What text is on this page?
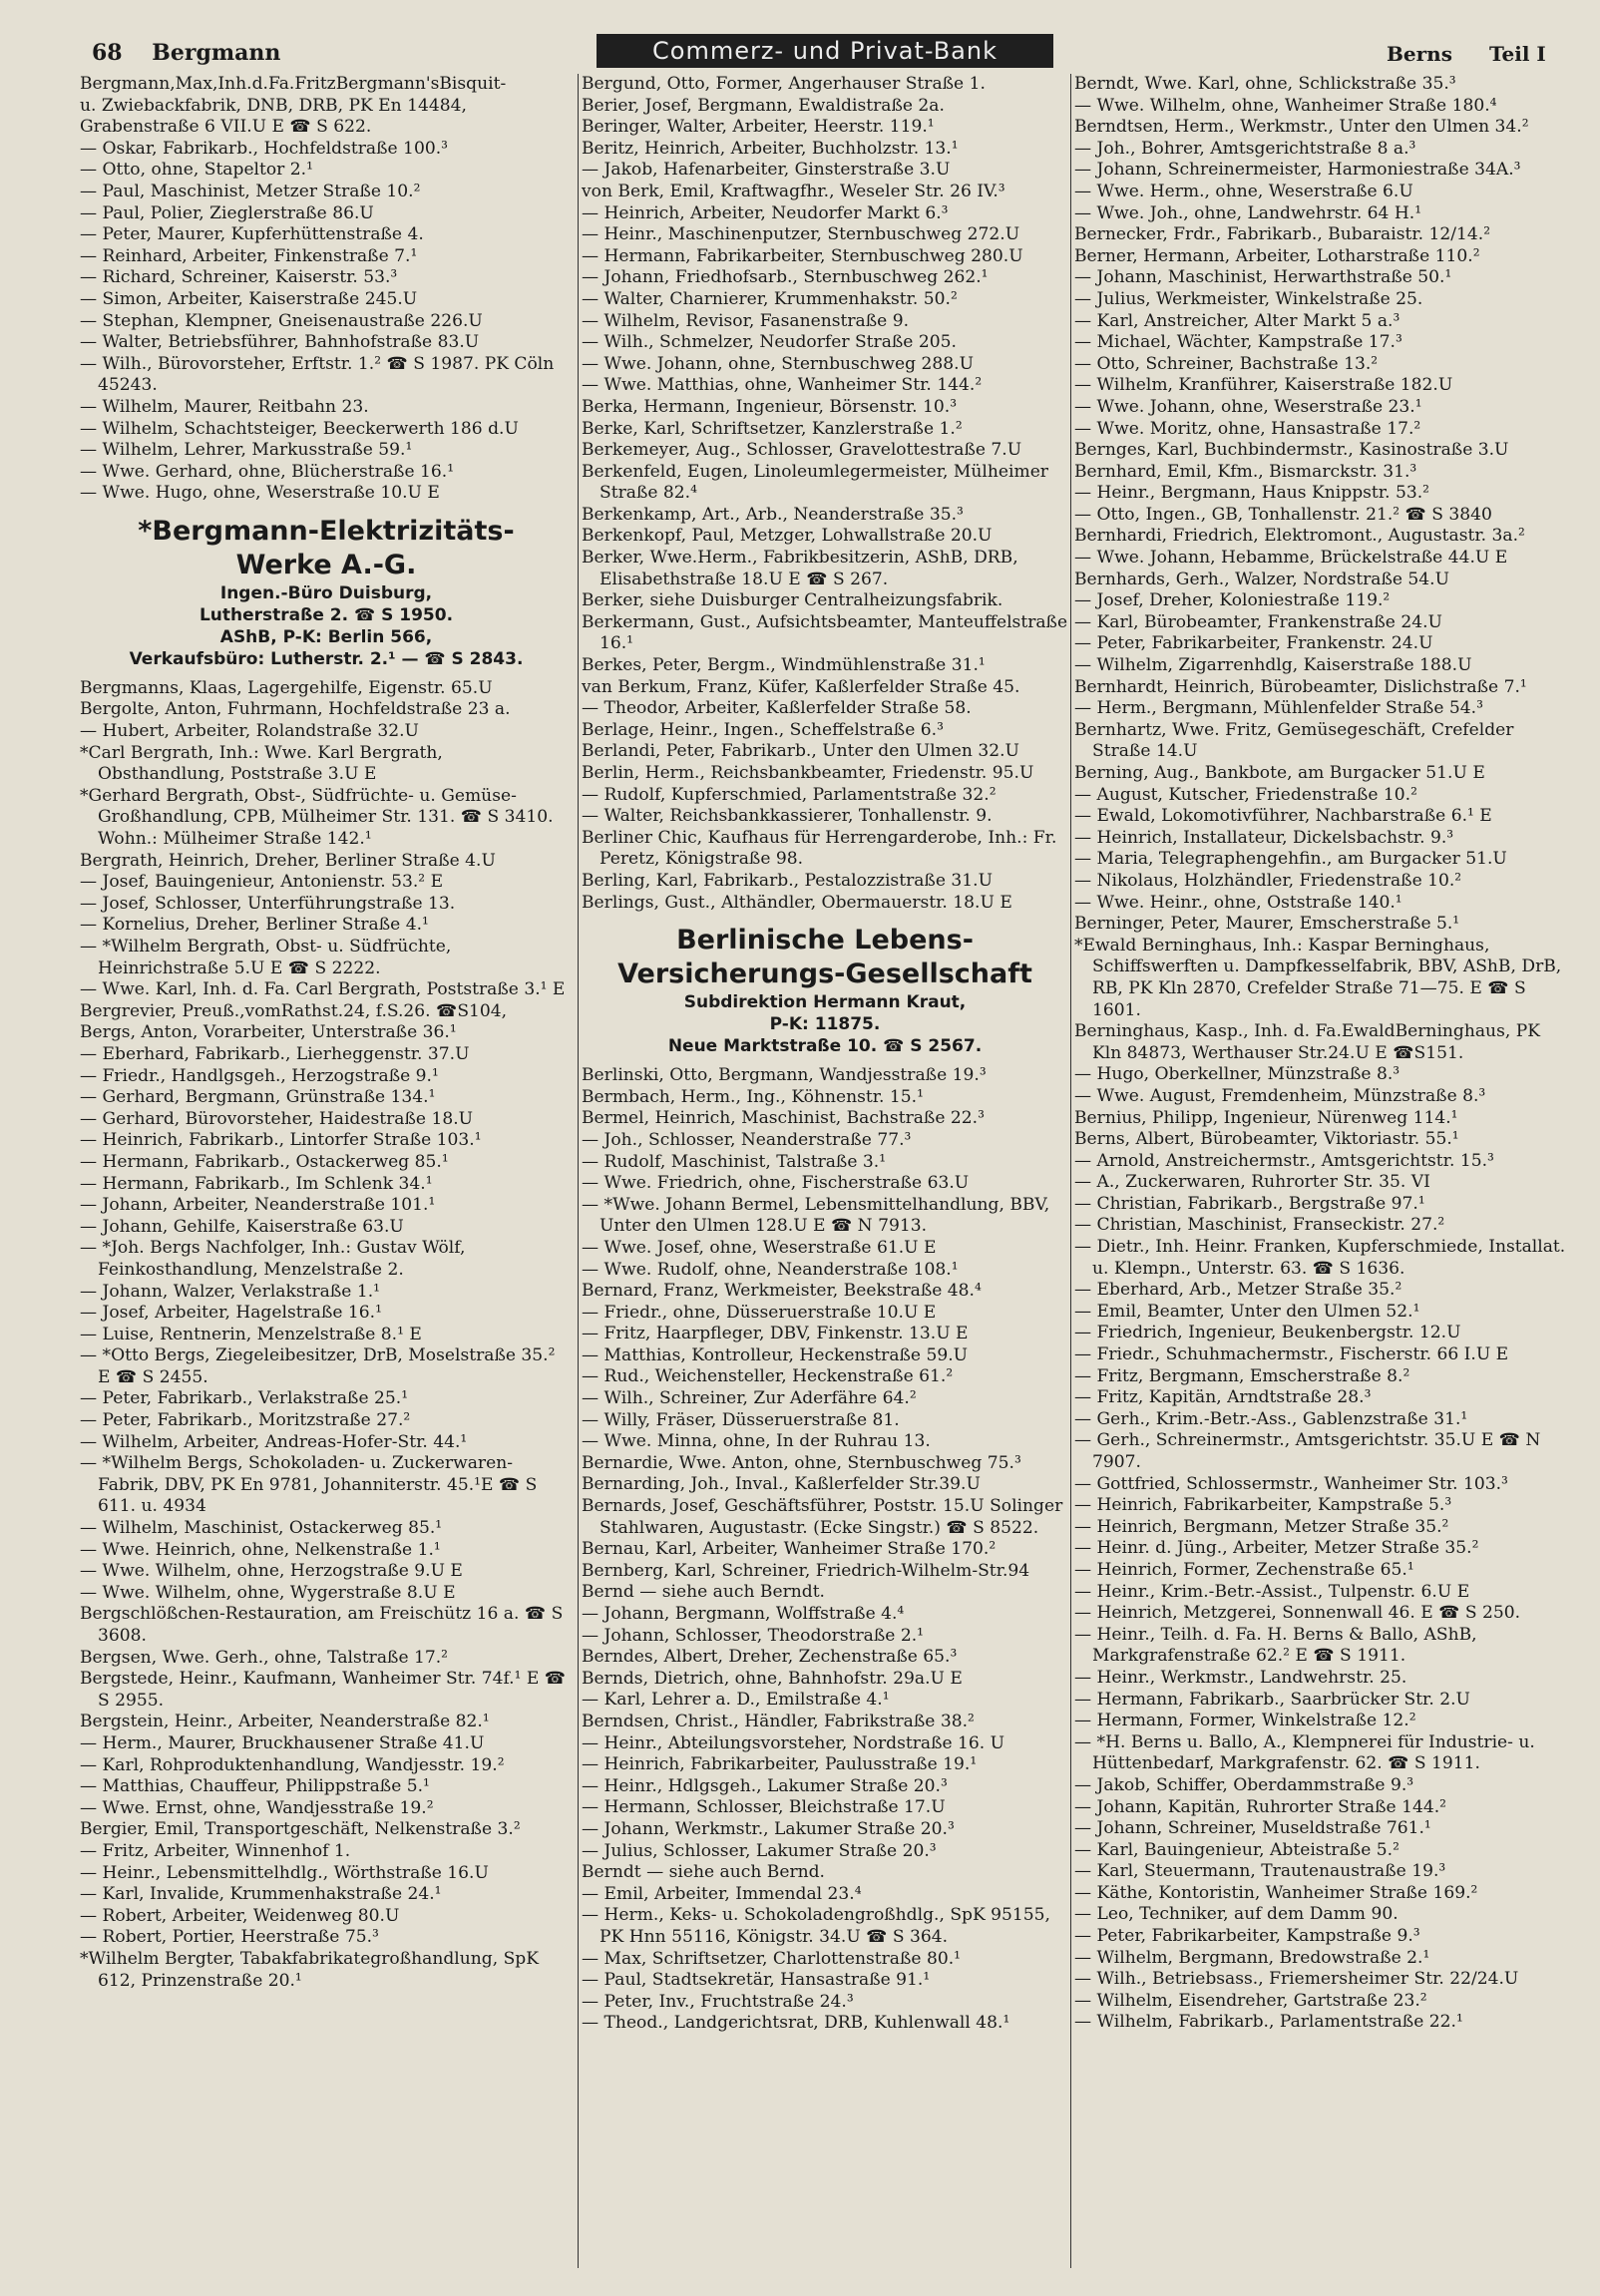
68 Bergmann	Commerz- und Privat-Bank	Berns Teil I
Bergmann,Max,Inh.d.Fa.FritzBergmann'sBisquit-
u. Zwiebackfabrik, DNB, DRB, PK En 14484,
Grabenstraße 6 VII.U E ☎ S 622.
— Oskar, Fabrikarb., Hochfeldstraße 100.³
— Otto, ohne, Stapeltor 2.¹
— Paul, Maschinist, Metzer Straße 10.²
— Paul, Polier, Zieglerstraße 86.U
— Peter, Maurer, Kupferhüttenstraße 4.
— Reinhard, Arbeiter, Finkenstraße 7.¹
— Richard, Schreiner, Kaiserstr. 53.³
— Simon, Arbeiter, Kaiserstraße 245.U
— Stephan, Klempner, Gneisenaustraße 226.U
— Walter, Betriebsführer, Bahnhofstraße 83.U
— Wilh., Bürovorsteher, Erftstr. 1.² ☎ S 1987. PK Cöln 45243.
— Wilhelm, Maurer, Reitbahn 23.
— Wilhelm, Schachtsteiger, Beeckerwerth 186 d.U
— Wilhelm, Lehrer, Markusstraße 59.¹
— Wwe. Gerhard, ohne, Blücherstraße 16.¹
— Wwe. Hugo, ohne, Weserstraße 10.U E
*Bergmann-Elektrizitäts-
Werke A.-G.
Ingen.-Büro Duisburg,
Lutherstraße 2. ☎ S 1950.
AShB, P-K: Berlin 566,
Verkaufsbüro: Lutherstr. 2.¹ — ☎ S 2843.
Bergmanns, Klaas, Lagergehilfe, Eigenstr. 65.U
Bergolte, Anton, Fuhrmann, Hochfeldstraße 23 a.
— Hubert, Arbeiter, Rolandstraße 32.U
*Carl Bergrath, Inh.: Wwe. Karl Bergrath, Obsthandlung, Poststraße 3.U E
*Gerhard Bergrath, Obst-, Südfrüchte- u. Gemüse-Großhandlung, CPB, Mülheimer Str. 131. ☎ S 3410. Wohn.: Mülheimer Straße 142.¹
Bergrath, Heinrich, Dreher, Berliner Straße 4.U
— Josef, Bauingenieur, Antonienstr. 53.² E
— Josef, Schlosser, Unterführungstraße 13.
— Kornelius, Dreher, Berliner Straße 4.¹
— *Wilhelm Bergrath, Obst- u. Südfrüchte, Heinrichstraße 5.U E ☎ S 2222.
— Wwe. Karl, Inh. d. Fa. Carl Bergrath, Poststraße 3.¹ E
Bergrevier, Preuß.,vomRathst.24, f.S.26. ☎S104,
Bergs, Anton, Vorarbeiter, Unterstraße 36.¹
— Eberhard, Fabrikarb., Lierheggenstr. 37.U
— Friedr., Handlgsgeh., Herzogstraße 9.¹
— Gerhard, Bergmann, Grünstraße 134.¹
— Gerhard, Bürovorsteher, Haidestraße 18.U
— Heinrich, Fabrikarb., Lintorfer Straße 103.¹
— Hermann, Fabrikarb., Ostackerweg 85.¹
— Hermann, Fabrikarb., Im Schlenk 34.¹
— Johann, Arbeiter, Neanderstraße 101.¹
— Johann, Gehilfe, Kaiserstraße 63.U
— *Joh. Bergs Nachfolger, Inh.: Gustav Wölf, Feinkosthandlung, Menzelstraße 2.
— Johann, Walzer, Verlakstraße 1.¹
— Josef, Arbeiter, Hagelstraße 16.¹
— Luise, Rentnerin, Menzelstraße 8.¹ E
— *Otto Bergs, Ziegeleibesitzer, DrB, Moselstraße 35.² E ☎ S 2455.
— Peter, Fabrikarb., Verlakstraße 25.¹
— Peter, Fabrikarb., Moritzstraße 27.²
— Wilhelm, Arbeiter, Andreas-Hofer-Str. 44.¹
— *Wilhelm Bergs, Schokoladen- u. Zuckerwaren-Fabrik, DBV, PK En 9781, Johanniterstr. 45.¹E ☎ S 611. u. 4934
— Wilhelm, Maschinist, Ostackerweg 85.¹
— Wwe. Heinrich, ohne, Nelkenstraße 1.¹
— Wwe. Wilhelm, ohne, Herzogstraße 9.U E
— Wwe. Wilhelm, ohne, Wygerstraße 8.U E
Bergschlößchen-Restauration, am Freischütz 16 a. ☎ S 3608.
Bergsen, Wwe. Gerh., ohne, Talstraße 17.²
Bergstede, Heinr., Kaufmann, Wanheimer Str. 74f.¹ E ☎ S 2955.
Bergstein, Heinr., Arbeiter, Neanderstraße 82.¹
— Herm., Maurer, Bruckhausener Straße 41.U
— Karl, Rohproduktenhandlung, Wandjesstr. 19.²
— Matthias, Chauffeur, Philippstraße 5.¹
— Wwe. Ernst, ohne, Wandjesstraße 19.²
Bergier, Emil, Transportgeschäft, Nelkenstraße 3.²
— Fritz, Arbeiter, Winnenhof 1.
— Heinr., Lebensmittelhdlg., Wörthstraße 16.U
— Karl, Invalide, Krummenhakstraße 24.¹
— Robert, Arbeiter, Weidenweg 80.U
— Robert, Portier, Heerstraße 75.³
*Wilhelm Bergter, Tabakfabrikategroßhandlung, SpK 612, Prinzenstraße 20.¹
Bergund, Otto, Former, Angerhauser Straße 1.
Berier, Josef, Bergmann, Ewaldistraße 2a.
Beringer, Walter, Arbeiter, Heerstr. 119.¹
Beritz, Heinrich, Arbeiter, Buchholzstr. 13.¹
— Jakob, Hafenarbeiter, Ginsterstraße 3.U
von Berk, Emil, Kraftwagfhr., Weseler Str. 26 IV.³
— Heinrich, Arbeiter, Neudorfer Markt 6.³
— Heinr., Maschinenputzer, Sternbuschweg 272.U
— Hermann, Fabrikarbeiter, Sternbuschweg 280.U
— Johann, Friedhofsarb., Sternbuschweg 262.¹
— Walter, Charnierer, Krummenhakstr. 50.²
— Wilhelm, Revisor, Fasanenstraße 9.
— Wilh., Schmelzer, Neudorfer Straße 205.
— Wwe. Johann, ohne, Sternbuschweg 288.U
— Wwe. Matthias, ohne, Wanheimer Str. 144.²
Berka, Hermann, Ingenieur, Börsenstr. 10.³
Berke, Karl, Schriftsetzer, Kanzlerstraße 1.²
Berkemeyer, Aug., Schlosser, Gravelottestraße 7.U
Berkenfeld, Eugen, Linoleumlegermeister, Mülheimer Straße 82.⁴
Berkenkamp, Art., Arb., Neanderstraße 35.³
Berkenkopf, Paul, Metzger, Lohwallstraße 20.U
Berker, Wwe.Herm., Fabrikbesitzerin, AShB, DRB, Elisabethstraße 18.U E ☎ S 267.
Berker, siehe Duisburger Centralheizungsfabrik.
Berkermann, Gust., Aufsichtsbeamter, Manteuffelstraße 16.¹
Berkes, Peter, Bergm., Windmühlenstraße 31.¹
van Berkum, Franz, Küfer, Kaßlerfelder Straße 45.
— Theodor, Arbeiter, Kaßlerfelder Straße 58.
Berlage, Heinr., Ingen., Scheffelstraße 6.³
Berlandi, Peter, Fabrikarb., Unter den Ulmen 32.U
Berlin, Herm., Reichsbankbeamter, Friedenstr. 95.U
— Rudolf, Kupferschmied, Parlamentstraße 32.²
— Walter, Reichsbankkassierer, Tonhallenstr. 9.
Berliner Chic, Kaufhaus für Herrengarderobe, Inh.: Fr. Peretz, Königstraße 98.
Berling, Karl, Fabrikarb., Pestalozzistraße 31.U
Berlings, Gust., Althändler, Obermauerstr. 18.U E
Berlinische Lebens-
Versicherungs-Gesellschaft
Subdirektion Hermann Kraut,
P-K: 11875.
Neue Marktstraße 10. ☎ S 2567.
Berlinski, Otto, Bergmann, Wandjesstraße 19.³
Bermbach, Herm., Ing., Köhnenstr. 15.¹
Bermel, Heinrich, Maschinist, Bachstraße 22.³
— Joh., Schlosser, Neanderstraße 77.³
— Rudolf, Maschinist, Talstraße 3.¹
— Wwe. Friedrich, ohne, Fischerstraße 63.U
— *Wwe. Johann Bermel, Lebensmittelhandlung, BBV, Unter den Ulmen 128.U E ☎ N 7913.
— Wwe. Josef, ohne, Weserstraße 61.U E
— Wwe. Rudolf, ohne, Neanderstraße 108.¹
Bernard, Franz, Werkmeister, Beekstraße 48.⁴
— Friedr., ohne, Düsseruerstraße 10.U E
— Fritz, Haarpfleger, DBV, Finkenstr. 13.U E
— Matthias, Kontrolleur, Heckenstraße 59.U
— Rud., Weichensteller, Heckenstraße 61.²
— Wilh., Schreiner, Zur Aderfähre 64.²
— Willy, Fräser, Düsseruerstraße 81.
— Wwe. Minna, ohne, In der Ruhrau 13.
Bernardie, Wwe. Anton, ohne, Sternbuschweg 75.³
Bernarding, Joh., Inval., Kaßlerfelder Str.39.U
Bernards, Josef, Geschäftsführer, Poststr. 15.U Solinger Stahlwaren, Augustastr. (Ecke Singstr.) ☎ S 8522.
Bernau, Karl, Arbeiter, Wanheimer Straße 170.²
Bernberg, Karl, Schreiner, Friedrich-Wilhelm-Str.94
Bernd — siehe auch Berndt.
— Johann, Bergmann, Wolffstraße 4.⁴
— Johann, Schlosser, Theodorstraße 2.¹
Berndes, Albert, Dreher, Zechenstraße 65.³
Bernds, Dietrich, ohne, Bahnhofstr. 29a.U E
— Karl, Lehrer a. D., Emilstraße 4.¹
Berndsen, Christ., Händler, Fabrikstraße 38.²
— Heinr., Abteilungsvorsteher, Nordstraße 16. U
— Heinrich, Fabrikarbeiter, Paulusstraße 19.¹
— Heinr., Hdlgsgeh., Lakumer Straße 20.³
— Hermann, Schlosser, Bleichstraße 17.U
— Johann, Werkmstr., Lakumer Straße 20.³
— Julius, Schlosser, Lakumer Straße 20.³
Berndt — siehe auch Bernd.
— Emil, Arbeiter, Immendal 23.⁴
— Herm., Keks- u. Schokoladengroßhdlg., SpK 95155, PK Hnn 55116, Königstr. 34.U ☎ S 364.
— Max, Schriftsetzer, Charlottenstraße 80.¹
— Paul, Stadtsekretär, Hansastraße 91.¹
— Peter, Inv., Fruchtstraße 24.³
— Theod., Landgerichtsrat, DRB, Kuhlenwall 48.¹
Berndt, Wwe. Karl, ohne, Schlickstraße 35.³
— Wwe. Wilhelm, ohne, Wanheimer Straße 180.⁴
Berndtsen, Herm., Werkmstr., Unter den Ulmen 34.²
— Joh., Bohrer, Amtsgerichtstraße 8 a.³
— Johann, Schreinermeister, Harmoniestraße 34A.³
— Wwe. Herm., ohne, Weserstraße 6.U
— Wwe. Joh., ohne, Landwehrstr. 64 H.¹
Bernecker, Frdr., Fabrikarb., Bubaraistr. 12/14.²
Berner, Hermann, Arbeiter, Lotharstraße 110.²
— Johann, Maschinist, Herwarthstraße 50.¹
— Julius, Werkmeister, Winkelstraße 25.
— Karl, Anstreicher, Alter Markt 5 a.³
— Michael, Wächter, Kampstraße 17.³
— Otto, Schreiner, Bachstraße 13.²
— Wilhelm, Kranführer, Kaiserstraße 182.U
— Wwe. Johann, ohne, Weserstraße 23.¹
— Wwe. Moritz, ohne, Hansastraße 17.²
Bernges, Karl, Buchbindermstr., Kasinostraße 3.U
Bernhard, Emil, Kfm., Bismarckstr. 31.³
— Heinr., Bergmann, Haus Knippstr. 53.²
— Otto, Ingen., GB, Tonhallenstr. 21.² ☎ S 3840
Bernhardi, Friedrich, Elektromont., Augustastr. 3a.²
— Wwe. Johann, Hebamme, Brückelstraße 44.U E
Bernhards, Gerh., Walzer, Nordstraße 54.U
— Josef, Dreher, Koloniestraße 119.²
— Karl, Bürobeamter, Frankenstraße 24.U
— Peter, Fabrikarbeiter, Frankenstr. 24.U
— Wilhelm, Zigarrenhdlg, Kaiserstraße 188.U
Bernhardt, Heinrich, Bürobeamter, Dislichstraße 7.¹
— Herm., Bergmann, Mühlenfelder Straße 54.³
Bernhartz, Wwe. Fritz, Gemüsegeschäft, Crefelder Straße 14.U
Berning, Aug., Bankbote, am Burgacker 51.U E
— August, Kutscher, Friedenstraße 10.²
— Ewald, Lokomotivführer, Nachbarstraße 6.¹ E
— Heinrich, Installateur, Dickelsbachstr. 9.³
— Maria, Telegraphengehfin., am Burgacker 51.U
— Nikolaus, Holzhändler, Friedenstraße 10.²
— Wwe. Heinr., ohne, Oststraße 140.¹
Berninger, Peter, Maurer, Emscherstraße 5.¹
*Ewald Berninghaus, Inh.: Kaspar Berninghaus, Schiffswerften u. Dampfkesselfabrik, BBV, AShB, DrB, RB, PK Kln 2870, Crefelder Straße 71—75. E ☎ S 1601.
Berninghaus, Kasp., Inh. d. Fa.EwaldBerninghaus, PK Kln 84873, Werthauser Str.24.U E ☎S151.
— Hugo, Oberkellner, Münzstraße 8.³
— Wwe. August, Fremdenheim, Münzstraße 8.³
Bernius, Philipp, Ingenieur, Nürenweg 114.¹
Berns, Albert, Bürobeamter, Viktoriastr. 55.¹
— Arnold, Anstreichermstr., Amtsgerichtstr. 15.³
— A., Zuckerwaren, Ruhrorter Str. 35. VI
— Christian, Fabrikarb., Bergstraße 97.¹
— Christian, Maschinist, Franseckistr. 27.²
— Dietr., Inh. Heinr. Franken, Kupferschmiede, Installat. u. Klempn., Unterstr. 63. ☎ S 1636.
— Eberhard, Arb., Metzer Straße 35.²
— Emil, Beamter, Unter den Ulmen 52.¹
— Friedrich, Ingenieur, Beukenbergstr. 12.U
— Friedr., Schuhmachermstr., Fischerstr. 66 I.U E
— Fritz, Bergmann, Emscherstraße 8.²
— Fritz, Kapitän, Arndtstraße 28.³
— Gerh., Krim.-Betr.-Ass., Gablenzstraße 31.¹
— Gerh., Schreinermstr., Amtsgerichtstr. 35.U E ☎ N 7907.
— Gottfried, Schlossermstr., Wanheimer Str. 103.³
— Heinrich, Fabrikarbeiter, Kampstraße 5.³
— Heinrich, Bergmann, Metzer Straße 35.²
— Heinr. d. Jüng., Arbeiter, Metzer Straße 35.²
— Heinrich, Former, Zechenstraße 65.¹
— Heinr., Krim.-Betr.-Assist., Tulpenstr. 6.U E
— Heinrich, Metzgerei, Sonnenwall 46. E ☎ S 250.
— Heinr., Teilh. d. Fa. H. Berns & Ballo, AShB, Markgrafenstraße 62.² E ☎ S 1911.
— Heinr., Werkmstr., Landwehrstr. 25.
— Hermann, Fabrikarb., Saarbrücker Str. 2.U
— Hermann, Former, Winkelstraße 12.²
— *H. Berns u. Ballo, A., Klempnerei für Industrie- u. Hüttenbedarf, Markgrafenstr. 62. ☎ S 1911.
— Jakob, Schiffer, Oberdammstraße 9.³
— Johann, Kapitän, Ruhrorter Straße 144.²
— Johann, Schreiner, Museldstraße 761.¹
— Karl, Bauingenieur, Abteistraße 5.²
— Karl, Steuermann, Trautenaustraße 19.³
— Käthe, Kontoristin, Wanheimer Straße 169.²
— Leo, Techniker, auf dem Damm 90.
— Peter, Fabrikarbeiter, Kampstraße 9.³
— Wilhelm, Bergmann, Bredowstraße 2.¹
— Wilh., Betriebsass., Friemersheimer Str. 22/24.U
— Wilhelm, Eisendreher, Gartstraße 23.²
— Wilhelm, Fabrikarb., Parlamentstraße 22.¹
